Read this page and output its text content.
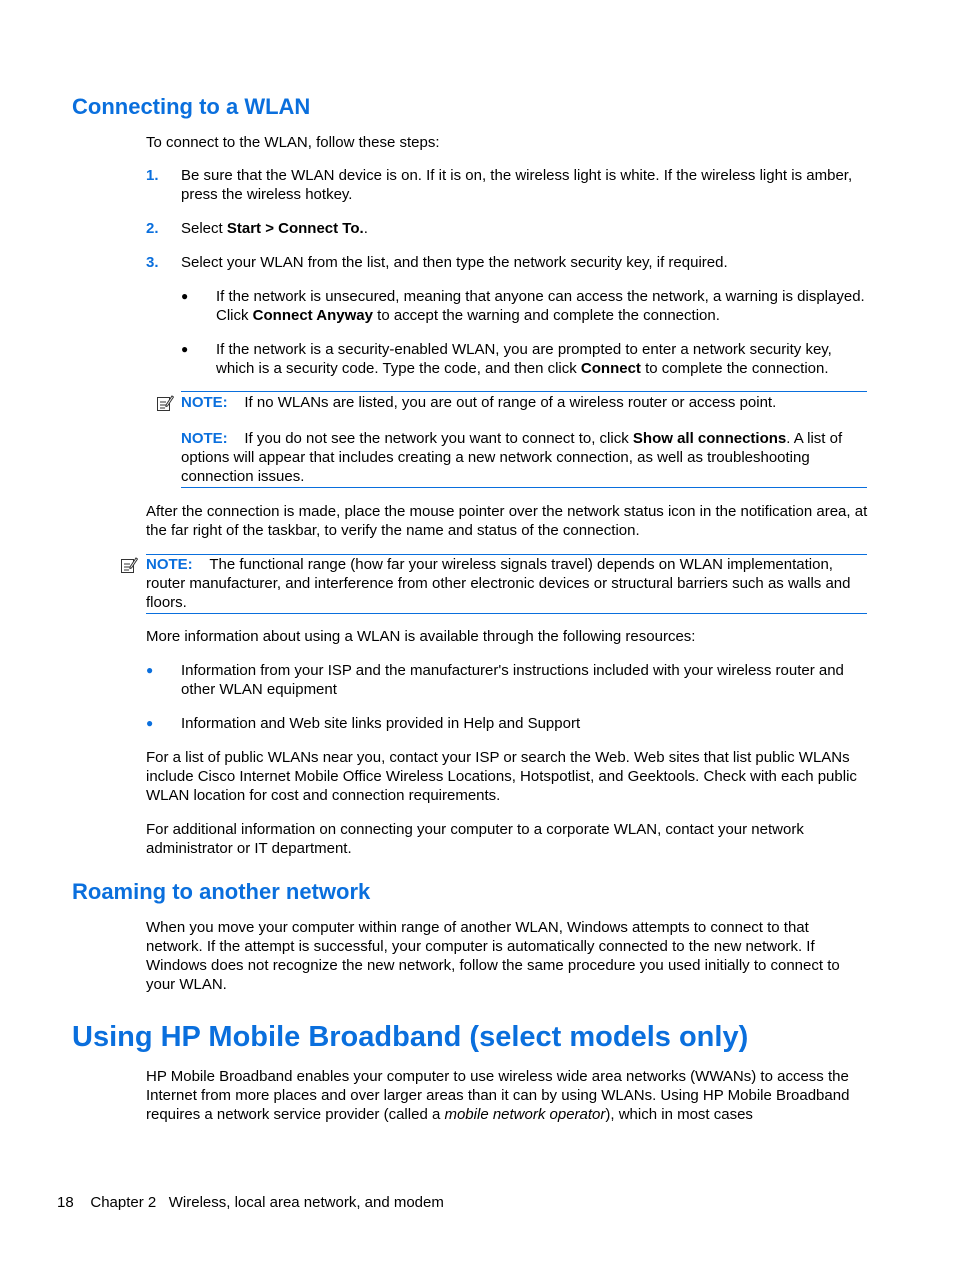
Connecting to a WLAN

To connect to the WLAN, follow these steps:

1. Be sure that the WLAN device is on. If it is on, the wireless light is white. If the wireless light is amber, press the wireless hotkey.

2. Select Start > Connect To..

3. Select your WLAN from the list, and then type the network security key, if required.

● If the network is unsecured, meaning that anyone can access the network, a warning is displayed. Click Connect Anyway to accept the warning and complete the connection.

● If the network is a security-enabled WLAN, you are prompted to enter a network security key, which is a security code. Type the code, and then click Connect to complete the connection.

NOTE: If no WLANs are listed, you are out of range of a wireless router or access point.

NOTE: If you do not see the network you want to connect to, click Show all connections. A list of options will appear that includes creating a new network connection, as well as troubleshooting connection issues.

After the connection is made, place the mouse pointer over the network status icon in the notification area, at the far right of the taskbar, to verify the name and status of the connection.

NOTE: The functional range (how far your wireless signals travel) depends on WLAN implementation, router manufacturer, and interference from other electronic devices or structural barriers such as walls and floors.

More information about using a WLAN is available through the following resources:

● Information from your ISP and the manufacturer's instructions included with your wireless router and other WLAN equipment

● Information and Web site links provided in Help and Support

For a list of public WLANs near you, contact your ISP or search the Web. Web sites that list public WLANs include Cisco Internet Mobile Office Wireless Locations, Hotspotlist, and Geektools. Check with each public WLAN location for cost and connection requirements.

For additional information on connecting your computer to a corporate WLAN, contact your network administrator or IT department.

Roaming to another network

When you move your computer within range of another WLAN, Windows attempts to connect to that network. If the attempt is successful, your computer is automatically connected to the new network. If Windows does not recognize the new network, follow the same procedure you used initially to connect to your WLAN.

Using HP Mobile Broadband (select models only)

HP Mobile Broadband enables your computer to use wireless wide area networks (WWANs) to access the Internet from more places and over larger areas than it can by using WLANs. Using HP Mobile Broadband requires a network service provider (called a mobile network operator), which in most cases

18 Chapter 2 Wireless, local area network, and modem
